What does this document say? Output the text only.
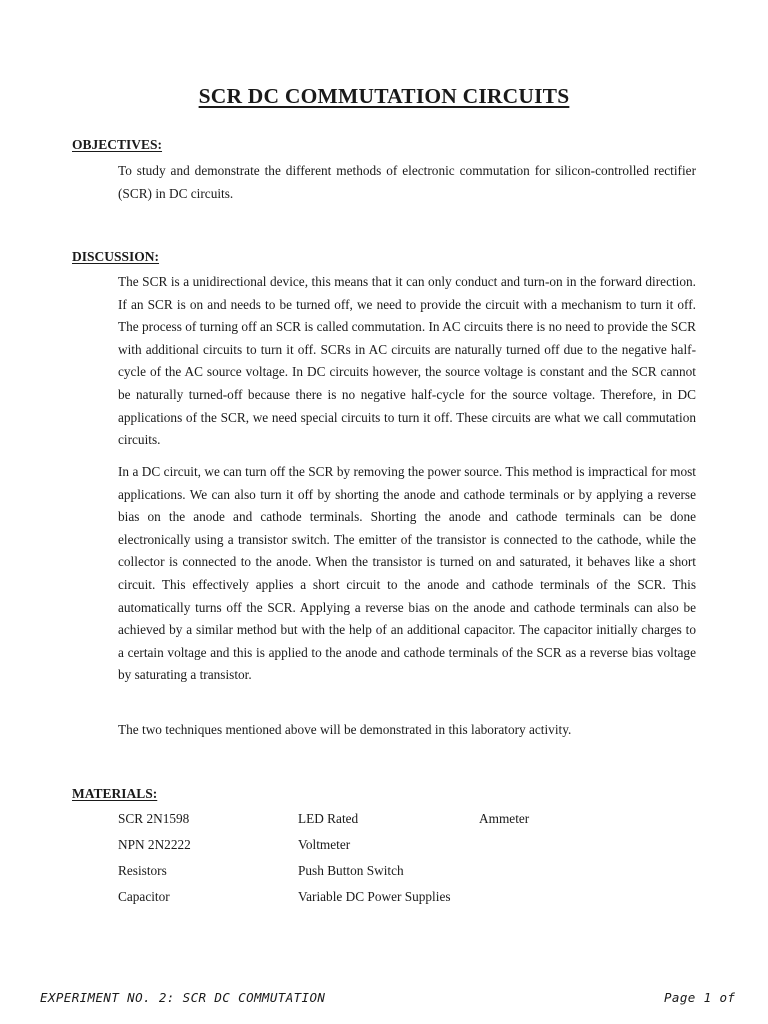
SCR DC COMMUTATION CIRCUITS
OBJECTIVES:

To study and demonstrate the different methods of electronic commutation for silicon-controlled rectifier (SCR) in DC circuits.

DISCUSSION:

The SCR is a unidirectional device, this means that it can only conduct and turn-on in the forward direction. If an SCR is on and needs to be turned off, we need to provide the circuit with a mechanism to turn it off. The process of turning off an SCR is called commutation. In AC circuits there is no need to provide the SCR with additional circuits to turn it off. SCRs in AC circuits are naturally turned off due to the negative half-cycle of the AC source voltage. In DC circuits however, the source voltage is constant and the SCR cannot be naturally turned-off because there is no negative half-cycle for the source voltage. Therefore, in DC applications of the SCR, we need special circuits to turn it off. These circuits are what we call commutation circuits.

In a DC circuit, we can turn off the SCR by removing the power source. This method is impractical for most applications. We can also turn it off by shorting the anode and cathode terminals or by applying a reverse bias on the anode and cathode terminals. Shorting the anode and cathode terminals can be done electronically using a transistor switch. The emitter of the transistor is connected to the cathode, while the collector is connected to the anode. When the transistor is turned on and saturated, it behaves like a short circuit. This effectively applies a short circuit to the anode and cathode terminals of the SCR. This automatically turns off the SCR. Applying a reverse bias on the anode and cathode terminals can also be achieved by a similar method but with the help of an additional capacitor. The capacitor initially charges to a certain voltage and this is applied to the anode and cathode terminals of the SCR as a reverse bias voltage by saturating a transistor.

The two techniques mentioned above will be demonstrated in this laboratory activity.

MATERIALS:
SCR 2N1598
NPN 2N2222
Resistors
Capacitor
LED Rated
Voltmeter
Push Button Switch
Variable DC Power Supplies
Ammeter
EXPERIMENT NO. 2: SCR DC COMMUTATION	Page 1 of
